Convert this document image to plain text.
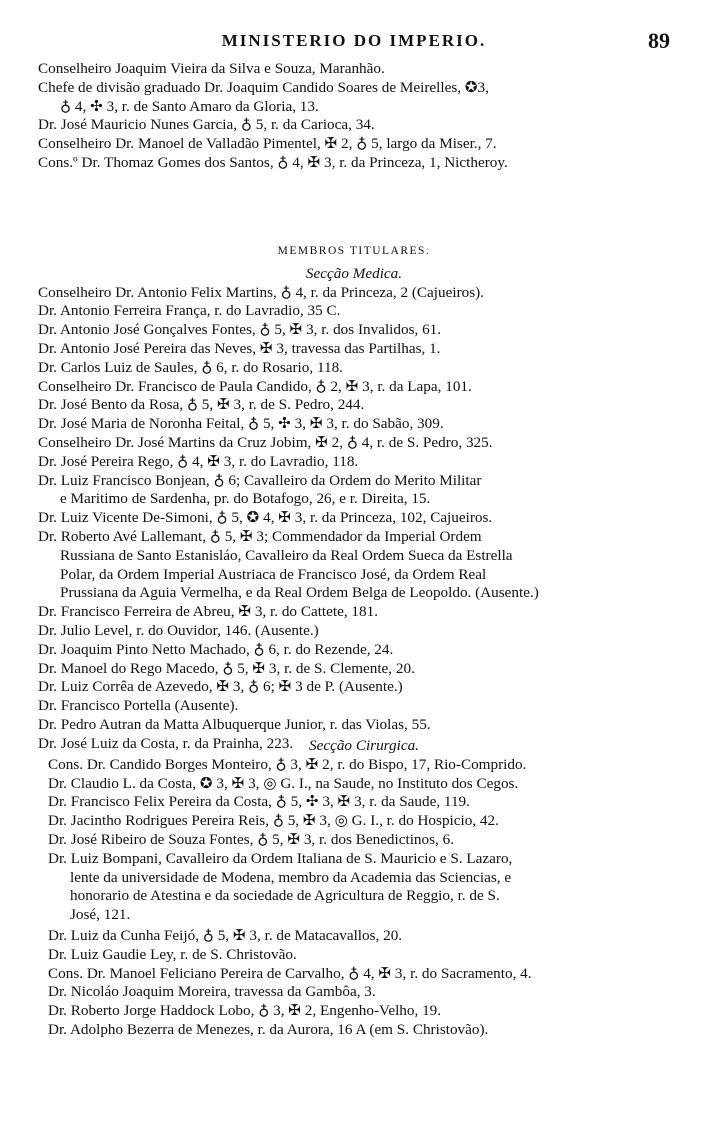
MINISTERIO DO IMPERIO.	89
Conselheiro Joaquim Vieira da Silva e Souza, Maranhão.
Chefe de divisão graduado Dr. Joaquim Candido Soares de Meirelles, ✪3,
♁ 4, ✣ 3, r. de Santo Amaro da Gloria, 13.
Dr. José Mauricio Nunes Garcia, ♁ 5, r. da Carioca, 34.
Conselheiro Dr. Manoel de Valladão Pimentel, ✠ 2, ♁ 5, largo da Miser., 7.
Cons.º Dr. Thomaz Gomes dos Santos, ♁ 4, ✠ 3, r. da Princeza, 1, Nictheroy.
MEMBROS TITULARES.
Secção Medica.
Conselheiro Dr. Antonio Felix Martins, ♁ 4, r. da Princeza, 2 (Cajueiros).
Dr. Antonio Ferreira França, r. do Lavradio, 35 C.
Dr. Antonio José Gonçalves Fontes, ♁ 5, ✠ 3, r. dos Invalidos, 61.
Dr. Antonio José Pereira das Neves, ✠ 3, travessa das Partilhas, 1.
Dr. Carlos Luiz de Saules, ♁ 6, r. do Rosario, 118.
Conselheiro Dr. Francisco de Paula Candido, ♁ 2, ✠ 3, r. da Lapa, 101.
Dr. José Bento da Rosa, ♁ 5, ✠ 3, r. de S. Pedro, 244.
Dr. José Maria de Noronha Feital, ♁ 5, ✣ 3, ✠ 3, r. do Sabão, 309.
Conselheiro Dr. José Martins da Cruz Jobim, ✠ 2, ♁ 4, r. de S. Pedro, 325.
Dr. José Pereira Rego, ♁ 4, ✠ 3, r. do Lavradio, 118.
Dr. Luiz Francisco Bonjean, ♁ 6; Cavalleiro da Ordem do Merito Militar
e Maritimo de Sardenha, pr. do Botafogo, 26, e r. Direita, 15.
Dr. Luiz Vicente De-Simoni, ♁ 5, ✪ 4, ✠ 3, r. da Princeza, 102, Cajueiros.
Dr. Roberto Avé Lallemant, ♁ 5, ✠ 3; Commendador da Imperial Ordem
Russiana de Santo Estanisláo, Cavalleiro da Real Ordem Sueca da Estrella
Polar, da Ordem Imperial Austriaca de Francisco José, da Ordem Real
Prussiana da Aguia Vermelha, e da Real Ordem Belga de Leopoldo. (Ausente.)
Dr. Francisco Ferreira de Abreu, ✠ 3, r. do Cattete, 181.
Dr. Julio Level, r. do Ouvidor, 146. (Ausente.)
Dr. Joaquim Pinto Netto Machado, ♁ 6, r. do Rezende, 24.
Dr. Manoel do Rego Macedo, ♁ 5, ✠ 3, r. de S. Clemente, 20.
Dr. Luiz Corrêa de Azevedo, ✠ 3, ♁ 6; ✠ 3 de P. (Ausente.)
Dr. Francisco Portella (Ausente).
Dr. Pedro Autran da Matta Albuquerque Junior, r. das Violas, 55.
Dr. José Luiz da Costa, r. da Prainha, 223.	Secção Cirurgica.
Cons. Dr. Candido Borges Monteiro, ♁ 3, ✠ 2, r. do Bispo, 17, Rio-Comprido.
Dr. Claudio L. da Costa, ✪ 3, ✠ 3, ◎ G. I., na Saude, no Instituto dos Cegos.
Dr. Francisco Felix Pereira da Costa, ♁ 5, ✣ 3, ✠ 3, r. da Saude, 119.
Dr. Jacintho Rodrigues Pereira Reis, ♁ 5, ✠ 3, ◎ G. I., r. do Hospicio, 42.
Dr. José Ribeiro de Souza Fontes, ♁ 5, ✠ 3, r. dos Benedictinos, 6.
Dr. Luiz Bompani, Cavalleiro da Ordem Italiana de S. Mauricio e S. Lazaro,
lente da universidade de Modena, membro da Academia das Sciencias, e
honorario de Atestina e da sociedade de Agricultura de Reggio, r. de S.
José, 121.
Dr. Luiz da Cunha Feijó, ♁ 5, ✠ 3, r. de Matacavallos, 20.
Dr. Luiz Gaudie Ley, r. de S. Christovão.
Cons. Dr. Manoel Feliciano Pereira de Carvalho, ♁ 4, ✠ 3, r. do Sacramento, 4.
Dr. Nicoláo Joaquim Moreira, travessa da Gambôa, 3.
Dr. Roberto Jorge Haddock Lobo, ♁ 3, ✠ 2, Engenho-Velho, 19.
Dr. Adolpho Bezerra de Menezes, r. da Aurora, 16 A (em S. Christovão).
